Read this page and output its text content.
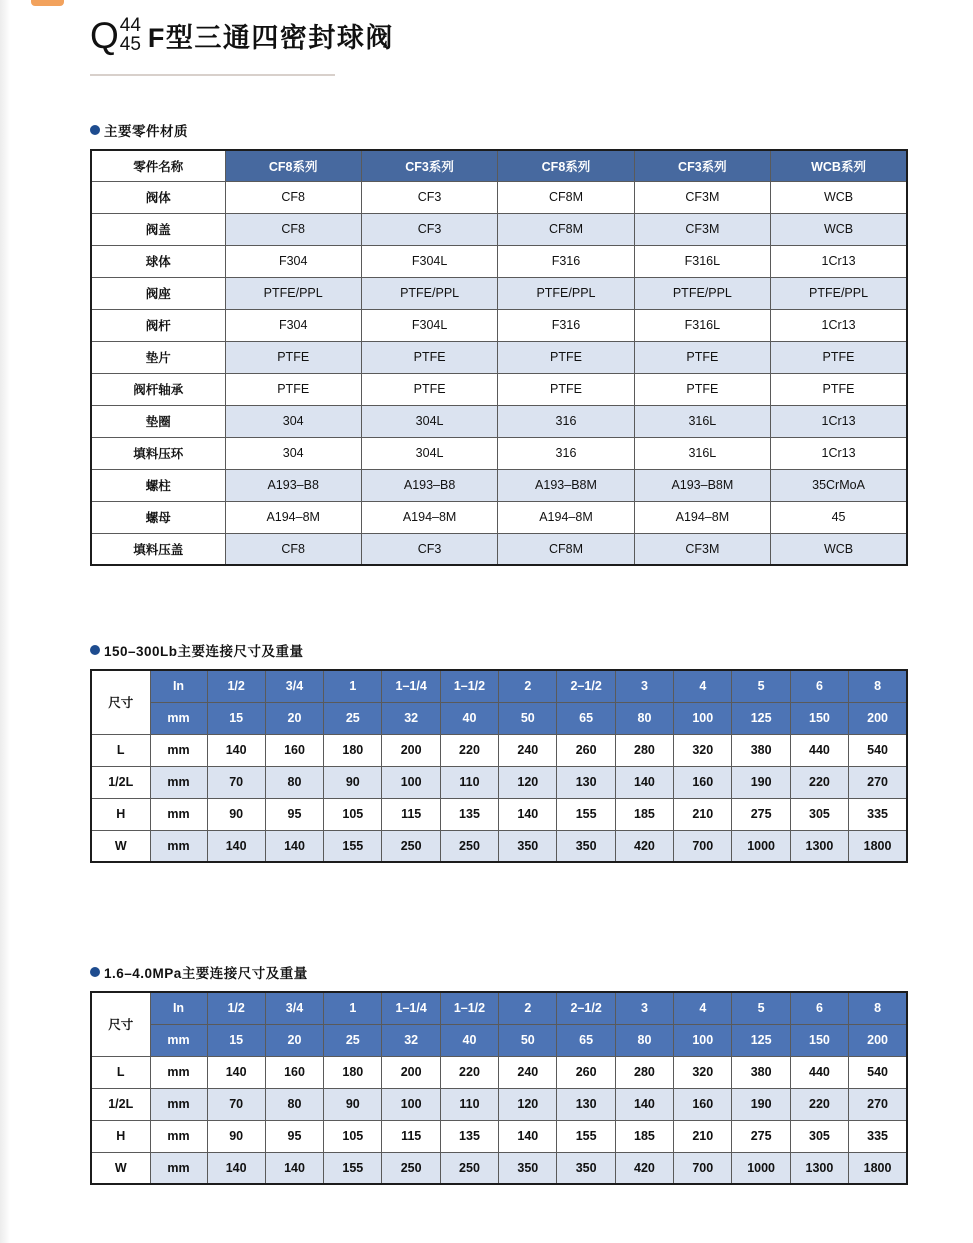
Q 44
45 F型三通四密封球阀
主要零件材质
零件名称	CF8系列	CF3系列	CF8系列	CF3系列	WCB系列
阀体	CF8	CF3	CF8M	CF3M	WCB
阀盖	CF8	CF3	CF8M	CF3M	WCB
球体	F304	F304L	F316	F316L	1Cr13
阀座	PTFE/PPL	PTFE/PPL	PTFE/PPL	PTFE/PPL	PTFE/PPL
阀杆	F304	F304L	F316	F316L	1Cr13
垫片	PTFE	PTFE	PTFE	PTFE	PTFE
阀杆轴承	PTFE	PTFE	PTFE	PTFE	PTFE
垫圈	304	304L	316	316L	1Cr13
填料压环	304	304L	316	316L	1Cr13
螺柱	A193–B8	A193–B8	A193–B8M	A193–B8M	35CrMoA
螺母	A194–8M	A194–8M	A194–8M	A194–8M	45
填料压盖	CF8	CF3	CF8M	CF3M	WCB
150–300Lb主要连接尺寸及重量
尺寸	In	1/2	3/4	1	1–1/4	1–1/2	2	2–1/2	3	4	5	6	8
	mm	15	20	25	32	40	50	65	80	100	125	150	200
L	mm	140	160	180	200	220	240	260	280	320	380	440	540
1/2L	mm	70	80	90	100	110	120	130	140	160	190	220	270
H	mm	90	95	105	115	135	140	155	185	210	275	305	335
W	mm	140	140	155	250	250	350	350	420	700	1000	1300	1800
1.6–4.0MPa主要连接尺寸及重量
尺寸	In	1/2	3/4	1	1–1/4	1–1/2	2	2–1/2	3	4	5	6	8
	mm	15	20	25	32	40	50	65	80	100	125	150	200
L	mm	140	160	180	200	220	240	260	280	320	380	440	540
1/2L	mm	70	80	90	100	110	120	130	140	160	190	220	270
H	mm	90	95	105	115	135	140	155	185	210	275	305	335
W	mm	140	140	155	250	250	350	350	420	700	1000	1300	1800
